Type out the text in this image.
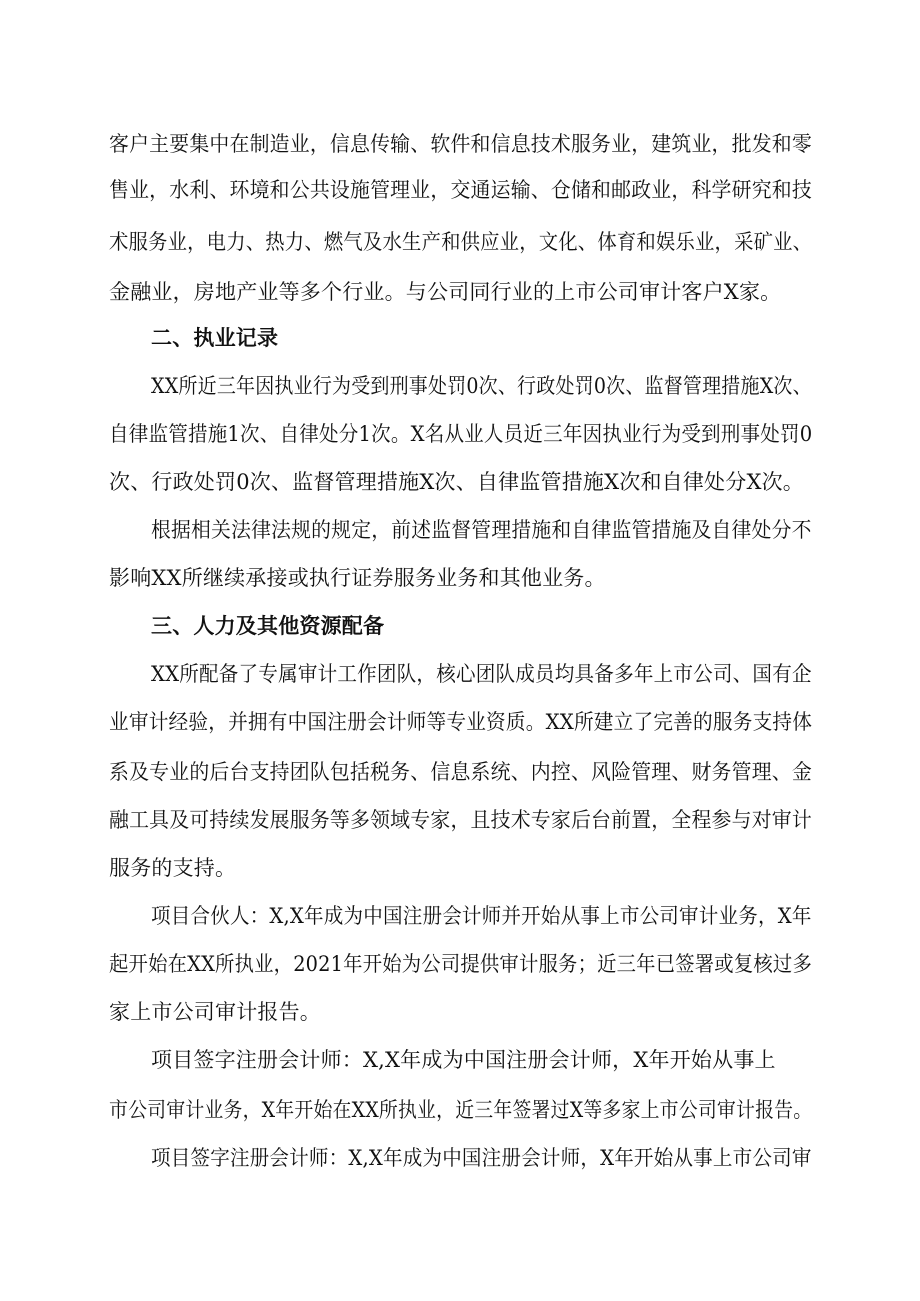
客户主要集中在制造业，信息传输、软件和信息技术服务业，建筑业，批发和零
售业，水利、环境和公共设施管理业，交通运输、仓储和邮政业，科学研究和技
术服务业，电力、热力、燃气及水生产和供应业，文化、体育和娱乐业，采矿业、
金融业，房地产业等多个行业。与公司同行业的上市公司审计客户X家。
二、执业记录
XX所近三年因执业行为受到刑事处罚0次、行政处罚0次、监督管理措施X次、
自律监管措施1次、自律处分1次。X名从业人员近三年因执业行为受到刑事处罚0
次、行政处罚0次、监督管理措施X次、自律监管措施X次和自律处分X次。
根据相关法律法规的规定，前述监督管理措施和自律监管措施及自律处分不
影响XX所继续承接或执行证券服务业务和其他业务。
三、人力及其他资源配备
XX所配备了专属审计工作团队，核心团队成员均具备多年上市公司、国有企
业审计经验，并拥有中国注册会计师等专业资质。XX所建立了完善的服务支持体
系及专业的后台支持团队包括税务、信息系统、内控、风险管理、财务管理、金
融工具及可持续发展服务等多领域专家，且技术专家后台前置，全程参与对审计
服务的支持。
项目合伙人：X,X年成为中国注册会计师并开始从事上市公司审计业务，X年
起开始在XX所执业，2021年开始为公司提供审计服务；近三年已签署或复核过多
家上市公司审计报告。
项目签字注册会计师：X,X年成为中国注册会计师，X年开始从事上
市公司审计业务，X年开始在XX所执业，近三年签署过X等多家上市公司审计报告。
项目签字注册会计师：X,X年成为中国注册会计师，X年开始从事上市公司审
